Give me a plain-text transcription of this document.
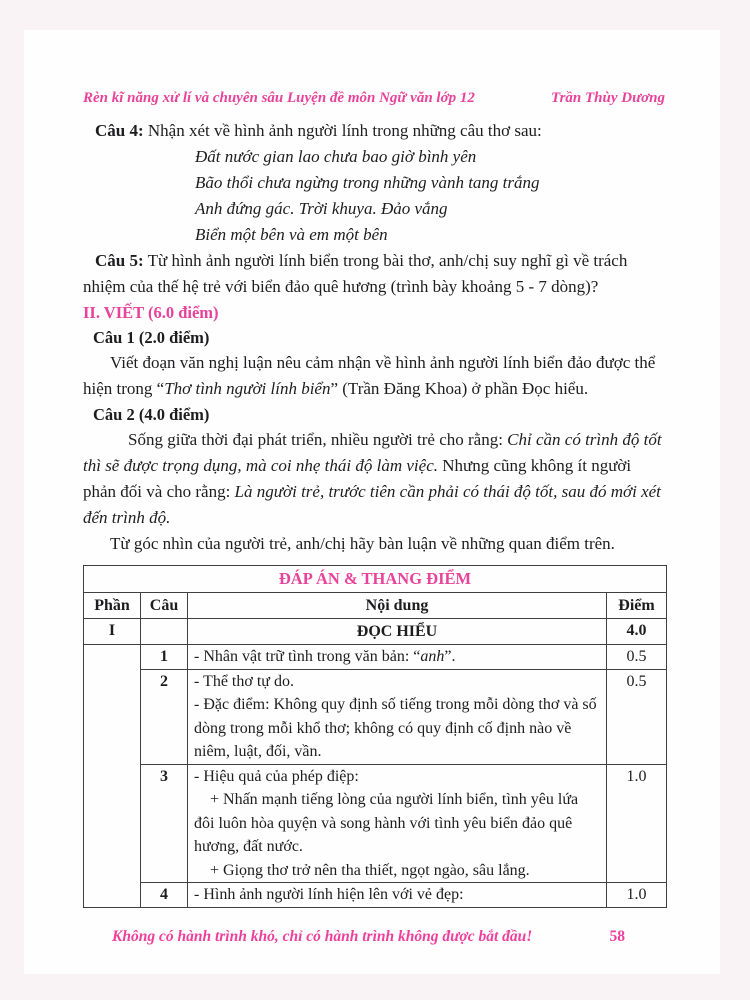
Rèn kĩ năng xử lí và chuyên sâu Luyện đề môn Ngữ văn lớp 12	Trần Thùy Dương

Câu 4: Nhận xét về hình ảnh người lính trong những câu thơ sau:

Đất nước gian lao chưa bao giờ bình yên

Bão thổi chưa ngừng trong những vành tang trắng

Anh đứng gác. Trời khuya. Đảo vắng

Biển một bên và em một bên

Câu 5: Từ hình ảnh người lính biển trong bài thơ, anh/chị suy nghĩ gì về trách nhiệm của thế hệ trẻ với biển đảo quê hương (trình bày khoảng 5 - 7 dòng)?

II. VIẾT (6.0 điểm)
Câu 1 (2.0 điểm)

Viết đoạn văn nghị luận nêu cảm nhận về hình ảnh người lính biển đảo được thể hiện trong “Thơ tình người lính biển” (Trần Đăng Khoa) ở phần Đọc hiểu.

Câu 2 (4.0 điểm)

Sống giữa thời đại phát triển, nhiều người trẻ cho rằng: Chỉ cần có trình độ tốt thì sẽ được trọng dụng, mà coi nhẹ thái độ làm việc. Nhưng cũng không ít người phản đối và cho rằng: Là người trẻ, trước tiên cần phải có thái độ tốt, sau đó mới xét đến trình độ.

Từ góc nhìn của người trẻ, anh/chị hãy bàn luận về những quan điểm trên.

ĐÁP ÁN & THANG ĐIỂM			
Phần	Câu	Nội dung	Điểm
I		ĐỌC HIỂU	4.0
	1	- Nhân vật trữ tình trong văn bản: “anh”.	0.5
	2	- Thể thơ tự do.

- Đặc điểm: Không quy định số tiếng trong mỗi dòng thơ và số dòng trong mỗi khổ thơ; không có quy định cố định nào về niêm, luật, đối, vần.	0.5
	3	- Hiệu quả của phép điệp:

+ Nhấn mạnh tiếng lòng của người lính biển, tình yêu lứa đôi luôn hòa quyện và song hành với tình yêu biển đảo quê hương, đất nước.

+ Giọng thơ trở nên tha thiết, ngọt ngào, sâu lắng.	1.0
	4	- Hình ảnh người lính hiện lên với vẻ đẹp:	1.0
Không có hành trình khó, chỉ có hành trình không được bắt đầu!	58
